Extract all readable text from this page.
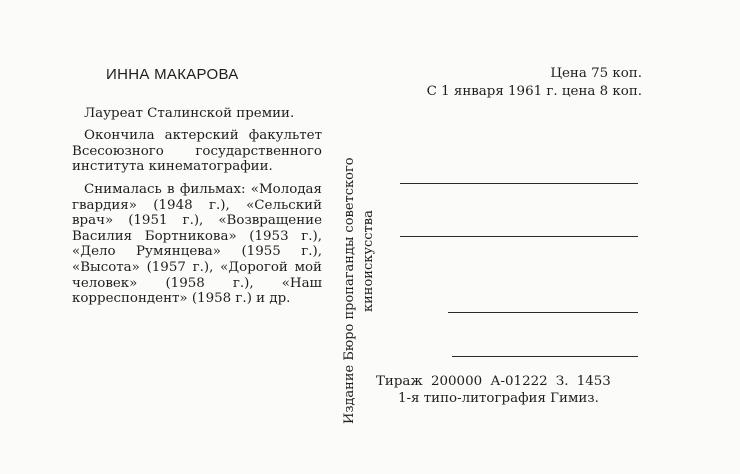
ИННА МАКАРОВА
Лауреат Сталинской премии.
Окончила актерский факультет Всесоюзного государственного института кинематографии.
Снималась в фильмах: «Молодая гвардия» (1948 г.), «Сельский врач» (1951 г.), «Возвращение Василия Бортникова» (1953 г.), «Дело Румянцева» (1955 г.), «Высота» (1957 г.), «Дорогой мой человек» (1958 г.), «Наш корреспондент» (1958 г.) и др.	Издание Бюро пропаганды советского киноискусства
Цена 75 коп.
С 1 января 1961 г. цена 8 коп.
Тираж 200000 А-01222 З. 1453
1-я типо-литография Гимиз.
